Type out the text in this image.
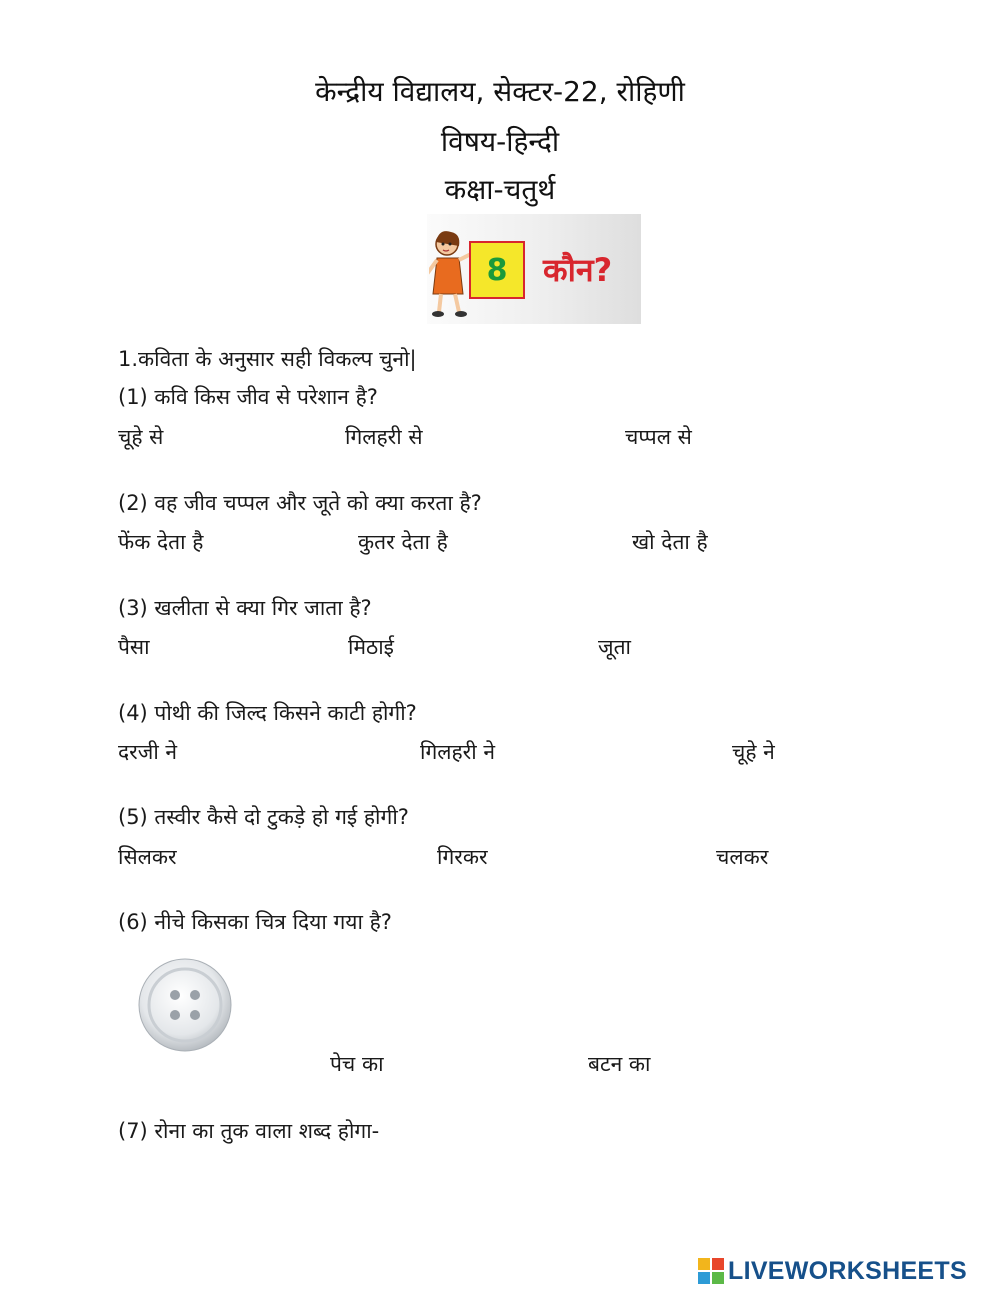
केन्द्रीय विद्यालय, सेक्टर-22, रोहिणी
विषय-हिन्दी
कक्षा-चतुर्थ
8	कौन?
1.कविता के अनुसार सही विकल्प चुनो|
(1) कवि किस जीव से परेशान है?
चूहे से	गिलहरी से	चप्पल से
(2) वह जीव चप्पल और जूते को क्या करता है?
फेंक देता है	कुतर देता है	खो देता है
(3) खलीता से क्या गिर जाता है?
पैसा	मिठाई	जूता
(4) पोथी की जिल्द किसने काटी होगी?
दरजी ने	गिलहरी ने	चूहे ने
(5) तस्वीर कैसे दो टुकड़े हो गई होगी?
सिलकर	गिरकर	चलकर
(6) नीचे किसका चित्र दिया गया है?
पेच का	बटन का
(7) रोना का तुक वाला शब्द होगा-
LIVEWORKSHEETS
